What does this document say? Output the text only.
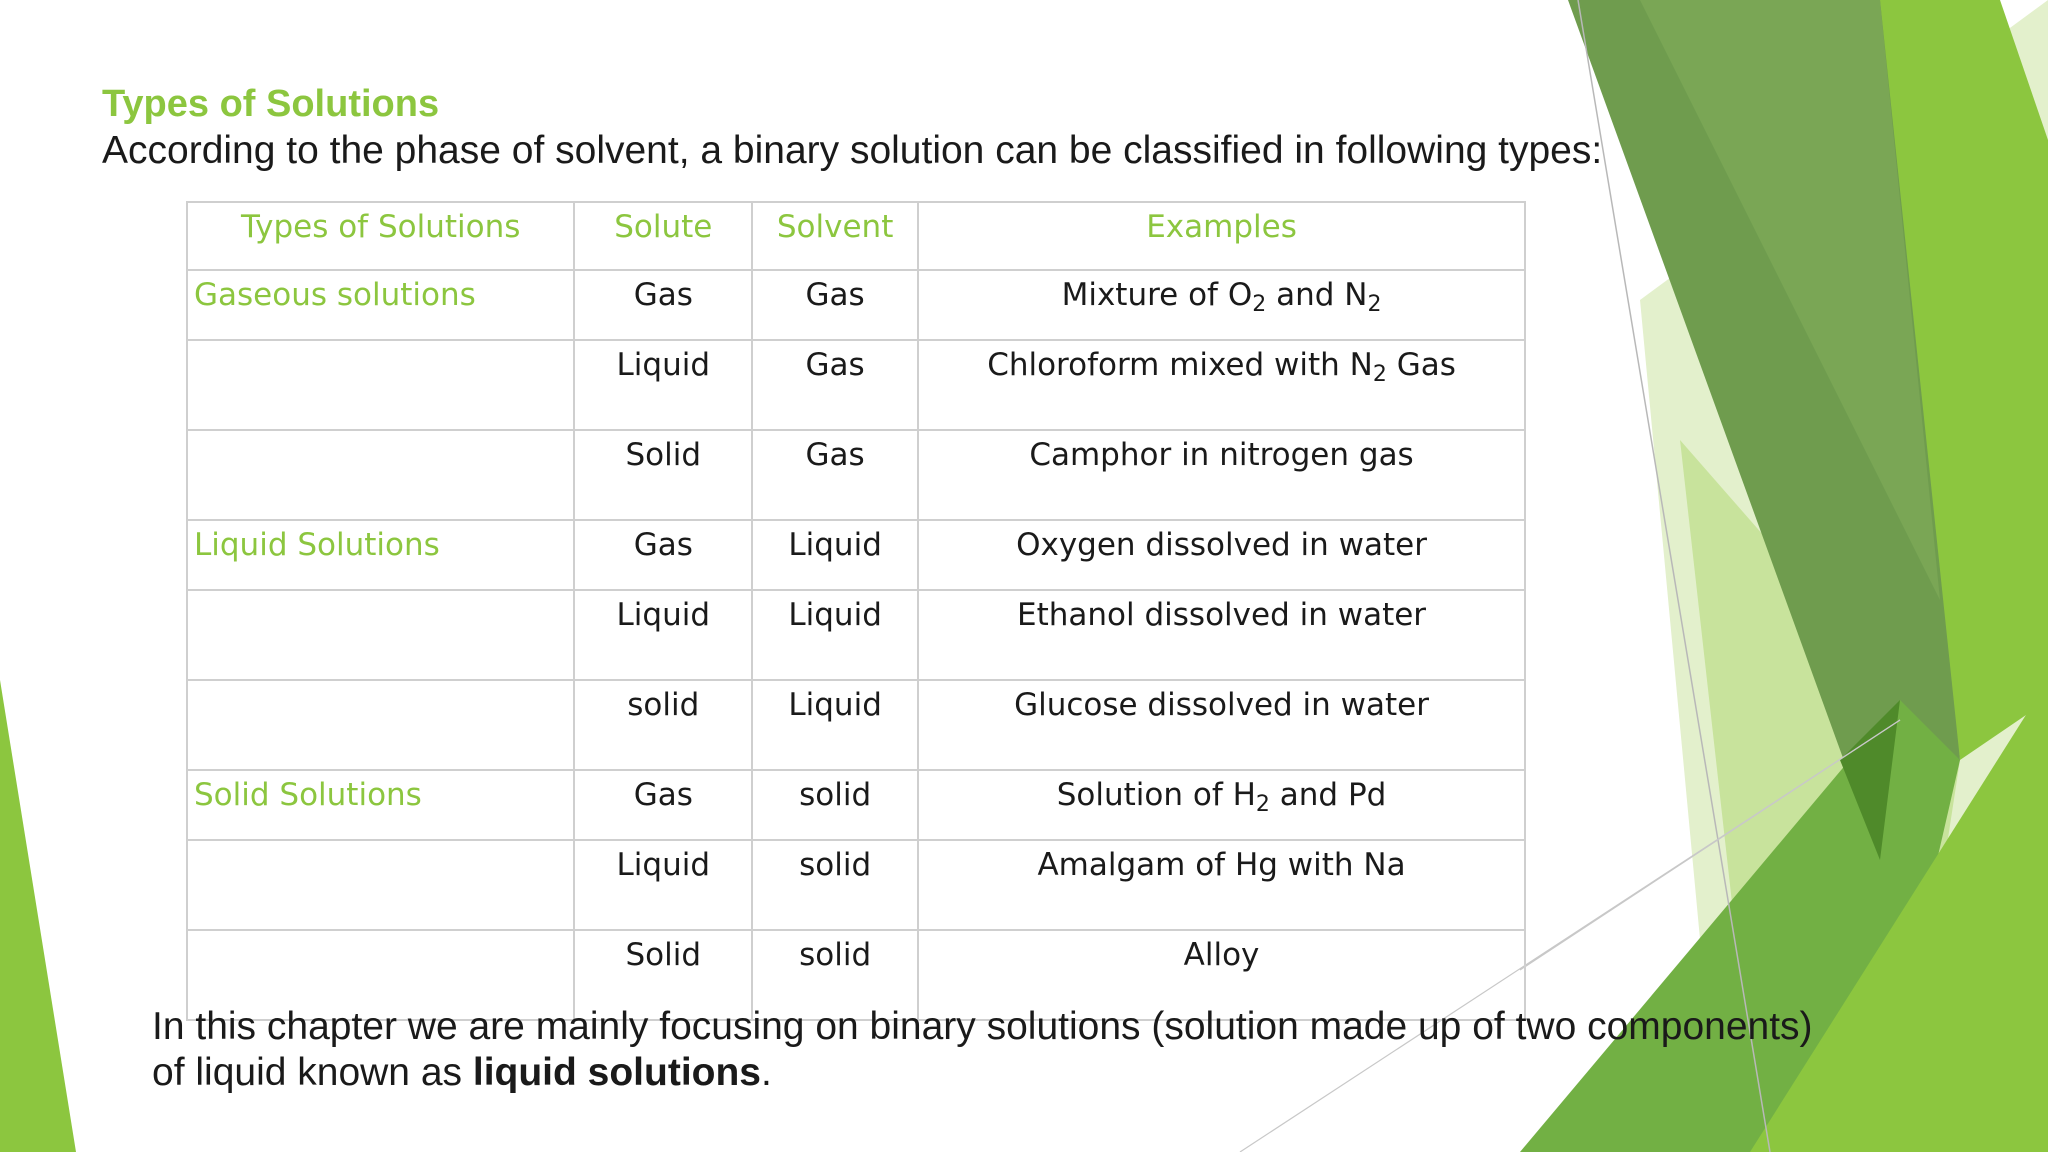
Types of Solutions

According to the phase of solvent, a binary solution can be classified in following types:

Types of Solutions	Solute	Solvent	Examples
Gaseous solutions	Gas	Gas	Mixture of $O_2$ and $N_2$
	Liquid	Gas	Chloroform mixed with $N_2$ Gas
	Solid	Gas	Camphor in nitrogen gas
Liquid Solutions	Gas	Liquid	Oxygen dissolved in water
	Liquid	Liquid	Ethanol dissolved in water
	solid	Liquid	Glucose dissolved in water
Solid Solutions	Gas	solid	Solution of $H_2$ and Pd
	Liquid	solid	Amalgam of Hg with Na
	Solid	solid	Alloy

In this chapter we are mainly focusing on binary solutions (solution made up of two components) of liquid known as liquid solutions.
